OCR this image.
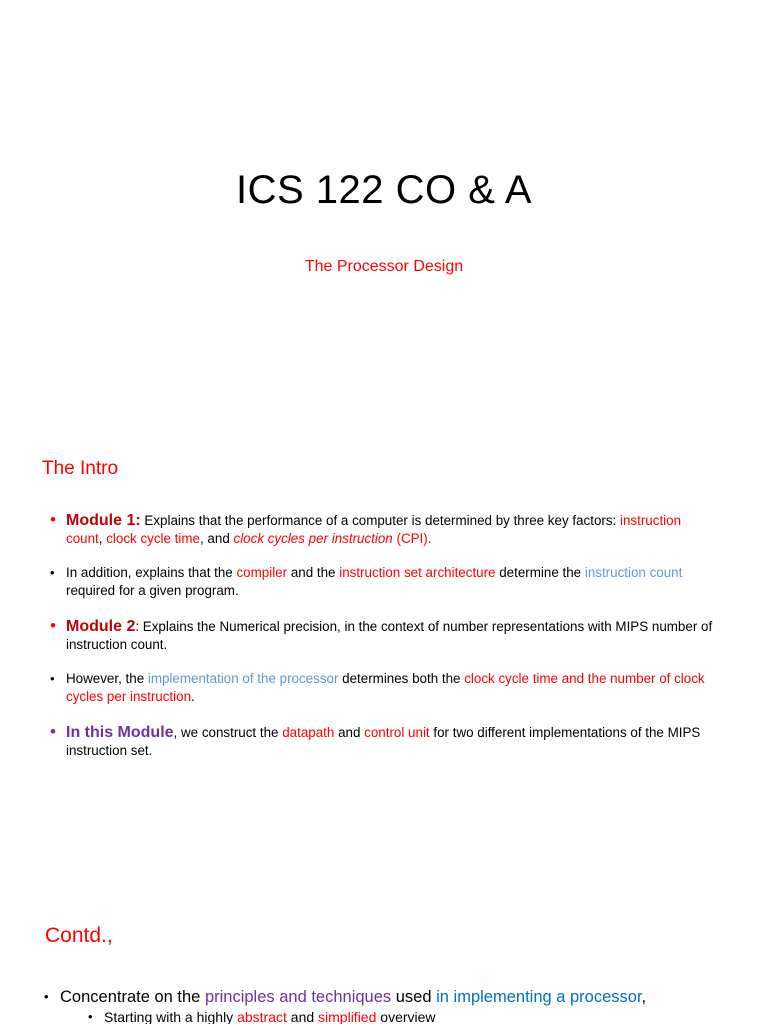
ICS 122 CO & A

The Processor Design

The Intro
• Module 1: Explains that the performance of a computer is determined by three key factors: instruction count, clock cycle time, and clock cycles per instruction (CPI).
• In addition, explains that the compiler and the instruction set architecture determine the instruction count required for a given program.
• Module 2: Explains the Numerical precision, in the context of number representations with MIPS number of instruction count.
• However, the implementation of the processor determines both the clock cycle time and the number of clock cycles per instruction.
• In this Module, we construct the datapath and control unit for two different implementations of the MIPS instruction set.
Contd.,
• Concentrate on the principles and techniques used in implementing a processor,
• Starting with a highly abstract and simplified overview
